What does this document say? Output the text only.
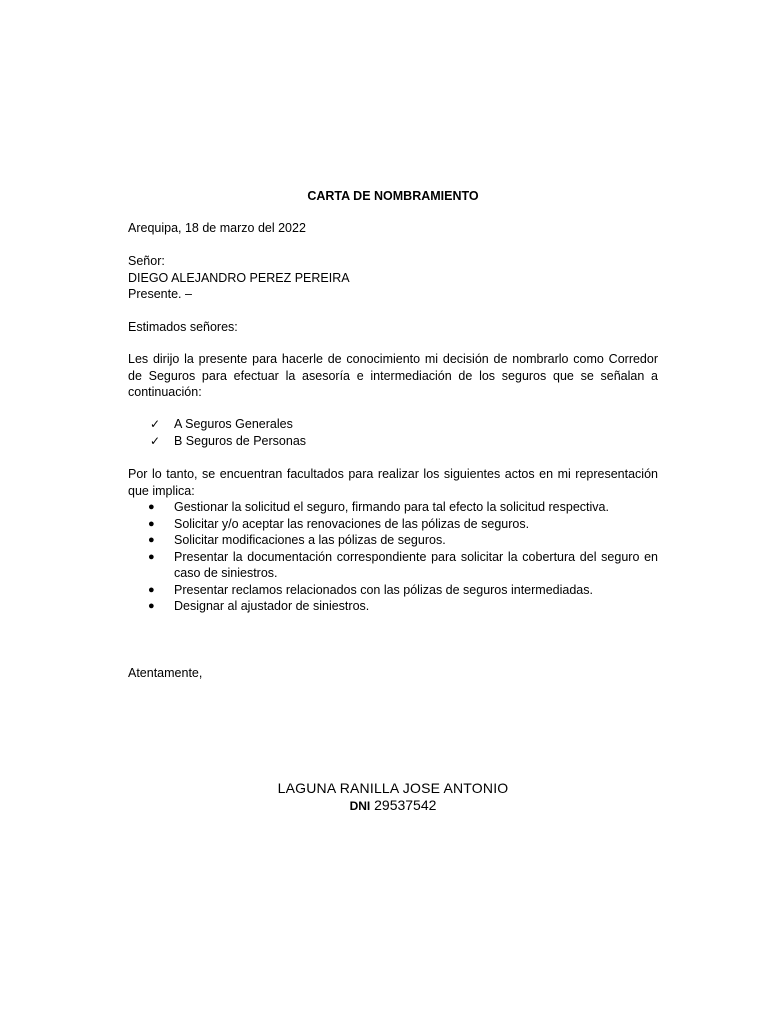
CARTA DE NOMBRAMIENTO
Arequipa, 18 de marzo del 2022
Señor:
DIEGO ALEJANDRO PEREZ PEREIRA
Presente. –
Estimados señores:
Les dirijo la presente para hacerle de conocimiento mi decisión de nombrarlo como Corredor de Seguros para efectuar la asesoría e intermediación de los seguros que se señalan a continuación:
✓	A Seguros Generales
✓	B Seguros de Personas
Por lo tanto, se encuentran facultados para realizar los siguientes actos en mi representación que implica:
●	Gestionar la solicitud el seguro, firmando para tal efecto la solicitud respectiva.
●	Solicitar y/o aceptar las renovaciones de las pólizas de seguros.
●	Solicitar modificaciones a las pólizas de seguros.
●	Presentar la documentación correspondiente para solicitar la cobertura del seguro en caso de siniestros.
●	Presentar reclamos relacionados con las pólizas de seguros intermediadas.
●	Designar al ajustador de siniestros.
Atentamente,
LAGUNA RANILLA JOSE ANTONIO
DNI 29537542
